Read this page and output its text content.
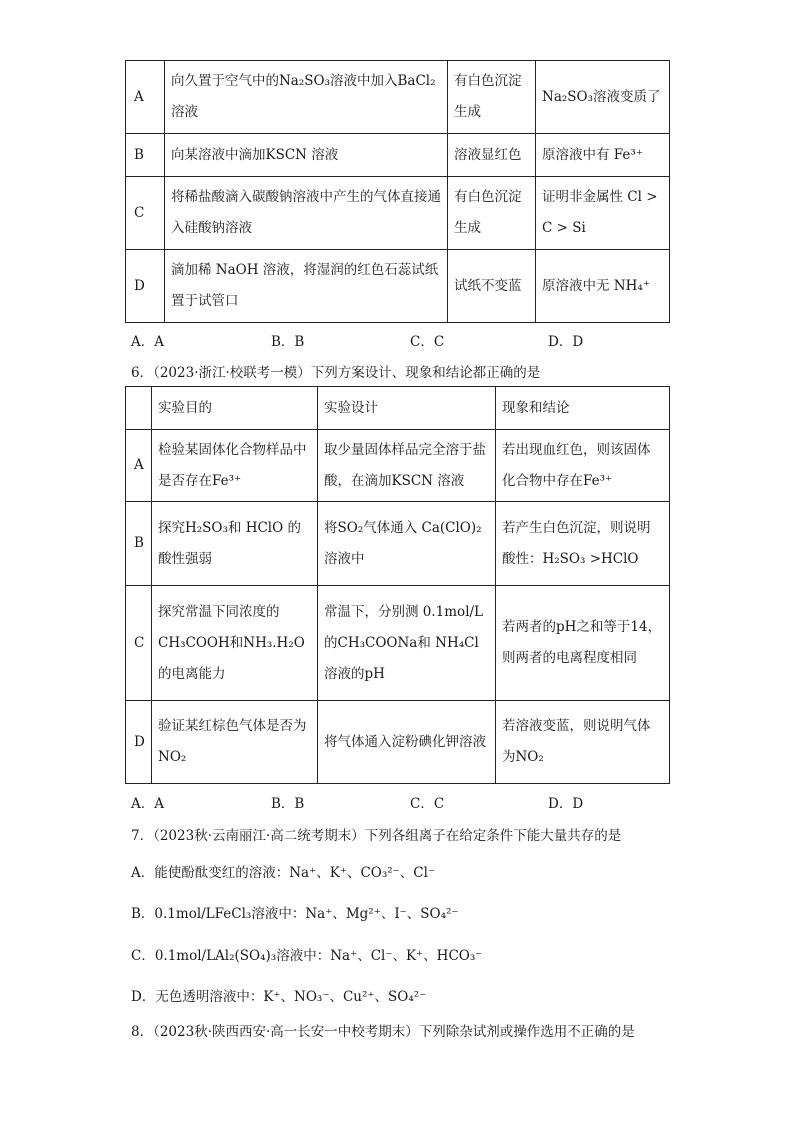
A	向久置于空气中的Na₂SO₃溶液中加入BaCl₂溶液	有白色沉淀生成	Na₂SO₃溶液变质了
B	向某溶液中滴加KSCN 溶液	溶液显红色	原溶液中有 Fe³⁺
C	将稀盐酸滴入碳酸钠溶液中产生的气体直接通入硅酸钠溶液	有白色沉淀生成	证明非金属性 Cl > C > Si
D	滴加稀 NaOH 溶液，将湿润的红色石蕊试纸置于试管口	试纸不变蓝	原溶液中无 NH₄⁺
A．A	B．B	C．C	D．D
6．（2023·浙江·校联考一模）下列方案设计、现象和结论都正确的是
	实验目的	实验设计	现象和结论
A	检验某固体化合物样品中是否存在Fe³⁺	取少量固体样品完全溶于盐酸，在滴加KSCN 溶液	若出现血红色，则该固体化合物中存在Fe³⁺
B	探究H₂SO₃和 HClO 的酸性强弱	将SO₂气体通入 Ca(ClO)₂溶液中	若产生白色沉淀，则说明酸性：H₂SO₃ >HClO
C	探究常温下同浓度的CH₃COOH和NH₃.H₂O的电离能力	常温下，分别测 0.1mol/L的CH₃COONa和 NH₄Cl溶液的pH	若两者的pH之和等于14，则两者的电离程度相同
D	验证某红棕色气体是否为NO₂	将气体通入淀粉碘化钾溶液	若溶液变蓝，则说明气体为NO₂
A．A	B．B	C．C	D．D
7．（2023秋·云南丽江·高二统考期末）下列各组离子在给定条件下能大量共存的是
A．能使酚酞变红的溶液：Na⁺、K⁺、CO₃²⁻、Cl⁻
B．0.1mol/LFeCl₃溶液中：Na⁺、Mg²⁺、I⁻、SO₄²⁻
C．0.1mol/LAl₂(SO₄)₃溶液中：Na⁺、Cl⁻、K⁺、HCO₃⁻
D．无色透明溶液中：K⁺、NO₃⁻、Cu²⁺、SO₄²⁻
8．（2023秋·陕西西安·高一长安一中校考期末）下列除杂试剂或操作选用不正确的是
